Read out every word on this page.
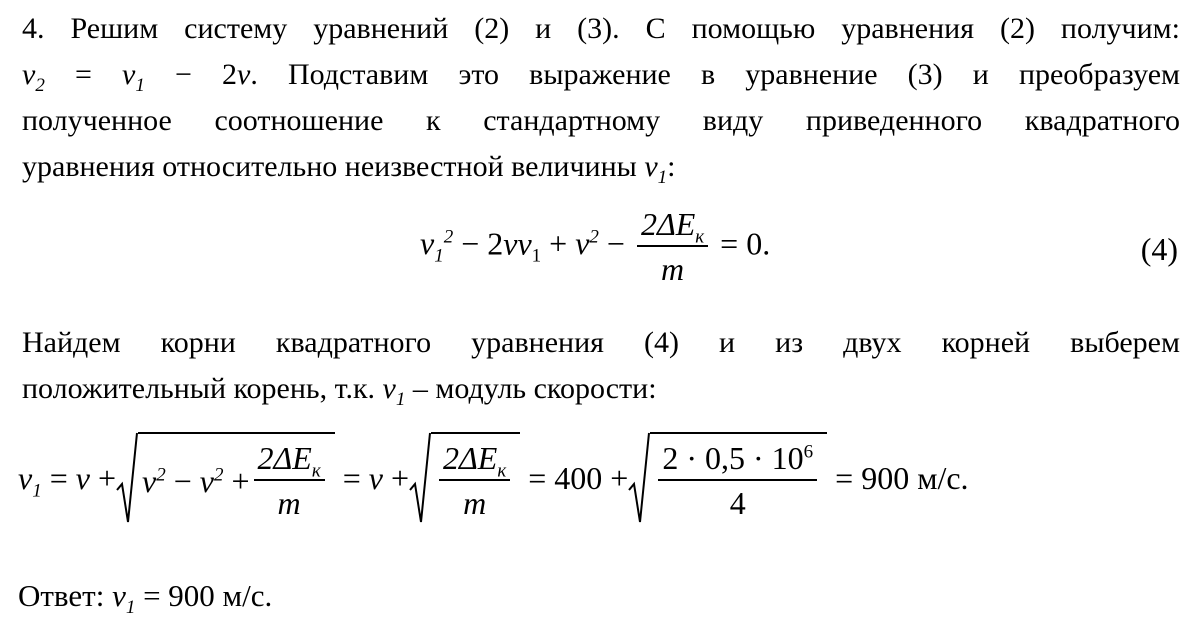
4. Решим систему уравнений (2) и (3). С помощью уравнения (2) получим:
$v_2 = v_1 - 2v$. Подставим это выражение в уравнение (3) и преобразуем
полученное соотношение к стандартному виду приведенного квадратного
уравнения относительно неизвестной величины $v_1$:
$v_1^2 - 2vv_1 + v^2 - \frac{2\Delta E_к}{m} = 0$.	(4)
Найдем корни квадратного уравнения (4) и из двух корней выберем
положительный корень, т.к. $v_1$ – модуль скорости:
$v_1$
=
v
+ $v^2$
−
$v^2$
+ $\frac{2\Delta E_к}{m}$
=
v
+ $\frac{2\Delta E_к}{m}$
= $400 + \frac{2 \cdot 0,5 \cdot 10^6}{4}$
= 900 м/с.
Ответ: $v_1 = 900$ м/с.
